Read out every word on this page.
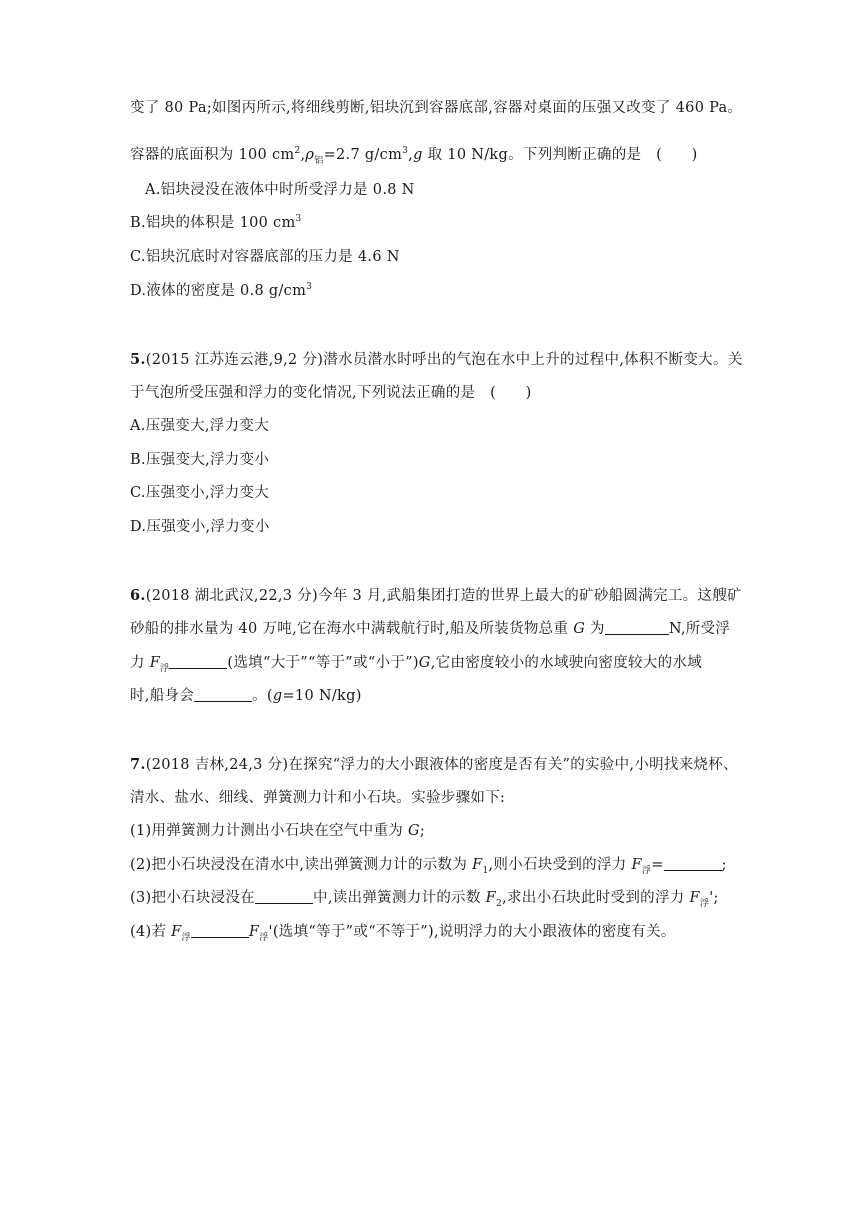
变了 80 Pa;如图丙所示,将细线剪断,铝块沉到容器底部,容器对桌面的压强又改变了 460 Pa。
容器的底面积为 100 $cm^2,\rho_铝=2.7$ $g/cm^3,g$ 取 10 N/kg。下列判断正确的是　(　　)
A.铝块浸没在液体中时所受浮力是 0.8 N
B.铝块的体积是 100 $cm^3$
C.铝块沉底时对容器底部的压力是 4.6 N
D.液体的密度是 0.8 $g/cm^3$
5.(2015 江苏连云港,9,2 分)潜水员潜水时呼出的气泡在水中上升的过程中,体积不断变大。关
于气泡所受压强和浮力的变化情况,下列说法正确的是　(　　)
A.压强变大,浮力变大
B.压强变大,浮力变小
C.压强变小,浮力变大
D.压强变小,浮力变小
6.(2018 湖北武汉,22,3 分)今年 3 月,武船集团打造的世界上最大的矿砂船圆满完工。这艘矿
砂船的排水量为 40 万吨,它在海水中满载航行时,船及所装货物总重 G 为	N,所受浮
力 $F_浮$	(选填“大于”“等于”或“小于”)G,它由密度较小的水域驶向密度较大的水域
时,船身会	。(g=10 N/kg)
7.(2018 吉林,24,3 分)在探究“浮力的大小跟液体的密度是否有关”的实验中,小明找来烧杯、
清水、盐水、细线、弹簧测力计和小石块。实验步骤如下:
(1)用弹簧测力计测出小石块在空气中重为 G;
(2)把小石块浸没在清水中,读出弹簧测力计的示数为 $F_1$,则小石块受到的浮力 $F_浮=$	;
(3)把小石块浸没在	中,读出弹簧测力计的示数 $F_2$,求出小石块此时受到的浮力 $F_浮'$;
(4)若 $F_浮$	$F_浮'$(选填“等于”或“不等于”),说明浮力的大小跟液体的密度有关。
